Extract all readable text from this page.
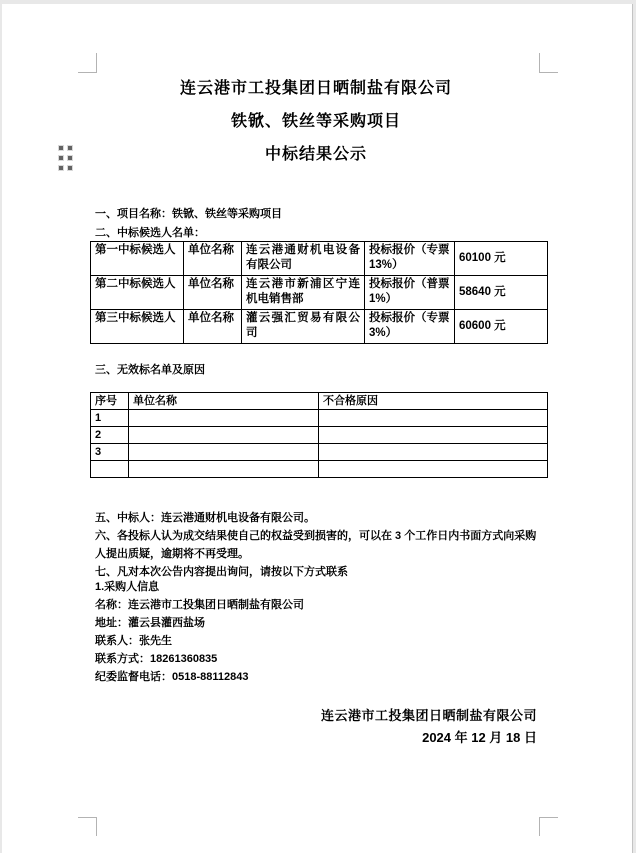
连云港市工投集团日晒制盐有限公司
铁锨、铁丝等采购项目
中标结果公示
一、项目名称：铁锨、铁丝等采购项目
二、中标候选人名单：
第一中标候选人	单位名称	连云港通财机电设备有限公司	投标报价（专票13%）	60100 元
第二中标候选人	单位名称	连云港市新浦区宁连机电销售部	投标报价（普票1%）	58640 元
第三中标候选人	单位名称	灌云强汇贸易有限公司	投标报价（专票3%）	60600 元
三、无效标名单及原因
序号	单位名称	不合格原因
1		
2		
3		

五、中标人：连云港通财机电设备有限公司。

六、各投标人认为成交结果使自己的权益受到损害的，可以在 3 个工作日内书面方式向采购人提出质疑，逾期将不再受理。

七、凡对本次公告内容提出询问，请按以下方式联系

1.采购人信息
名称：连云港市工投集团日晒制盐有限公司
地址：灌云县灌西盐场
联系人：张先生
联系方式：18261360835
纪委监督电话：0518-88112843
连云港市工投集团日晒制盐有限公司
2024 年 12 月 18 日
